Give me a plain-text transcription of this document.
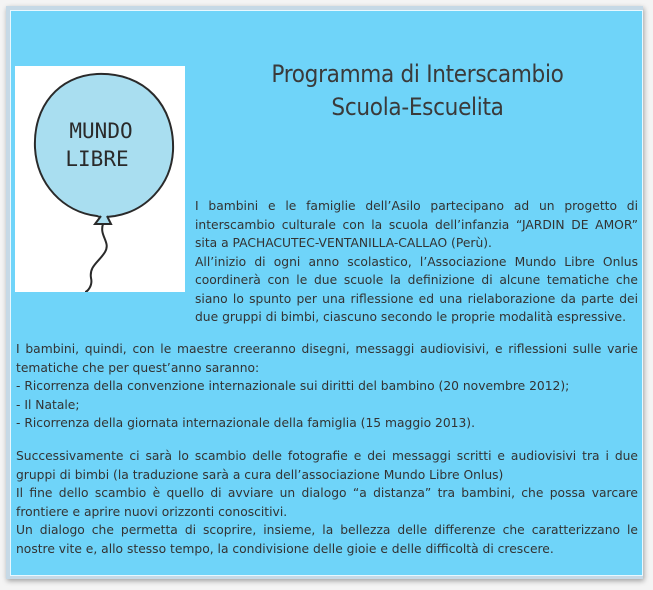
MUNDO
LIBRE
Programma di Interscambio
Scuola-Escuelita
I bambini e le famiglie dell’Asilo partecipano ad un progetto di interscambio culturale con la scuola dell’infanzia “JARDIN DE AMOR” sita a PACHACUTEC-VENTANILLA-CALLAO (Perù).
All’inizio di ogni anno scolastico, l’Associazione Mundo Libre Onlus coordinerà con le due scuole la definizione di alcune tematiche che siano lo spunto per una riflessione ed una rielaborazione da parte dei due gruppi di bimbi, ciascuno secondo le proprie modalità espressive.
I bambini, quindi, con le maestre creeranno disegni, messaggi audiovisivi, e riflessioni sulle varie tematiche che per quest’anno saranno:
- Ricorrenza della convenzione internazionale sui diritti del bambino (20 novembre 2012);
- Il Natale;
- Ricorrenza della giornata internazionale della famiglia (15 maggio 2013).
Successivamente ci sarà lo scambio delle fotografie e dei messaggi scritti e audiovisivi tra i due gruppi di bimbi (la traduzione sarà a cura dell’associazione Mundo Libre Onlus)
Il fine dello scambio è quello di avviare un dialogo “a distanza” tra bambini, che possa varcare frontiere e aprire nuovi orizzonti conoscitivi.
Un dialogo che permetta di scoprire, insieme, la bellezza delle differenze che caratterizzano le nostre vite e, allo stesso tempo, la condivisione delle gioie e delle difficoltà di crescere.
